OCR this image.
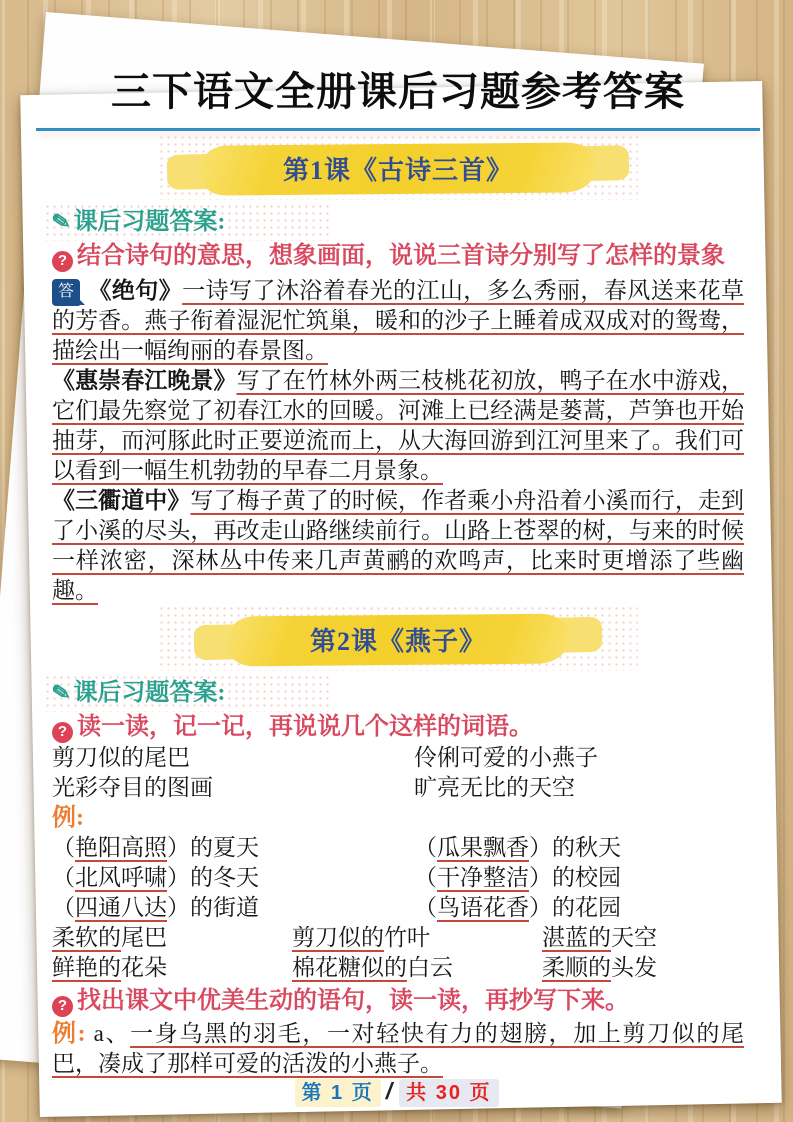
三下语文全册课后习题参考答案
第1课《古诗三首》
✎课后习题答案:
? 结合诗句的意思，想象画面，说说三首诗分别写了怎样的景象

答 《绝句》一诗写了沐浴着春光的江山，多么秀丽，春风送来花草的芳香。燕子衔着湿泥忙筑巢，暖和的沙子上睡着成双成对的鸳鸯，描绘出一幅绚丽的春景图。

《惠崇春江晚景》写了在竹林外两三枝桃花初放，鸭子在水中游戏，它们最先察觉了初春江水的回暖。河滩上已经满是蒌蒿，芦笋也开始抽芽，而河豚此时正要逆流而上，从大海回游到江河里来了。我们可以看到一幅生机勃勃的早春二月景象。

《三衢道中》写了梅子黄了的时候，作者乘小舟沿着小溪而行，走到了小溪的尽头，再改走山路继续前行。山路上苍翠的树，与来的时候一样浓密，深林丛中传来几声黄鹂的欢鸣声，比来时更增添了些幽趣。

第2课《燕子》
✎课后习题答案:
? 读一读，记一记，再说说几个这样的词语。
剪刀似的尾巴	伶俐可爱的小燕子
光彩夺目的图画	旷亮无比的天空
例:
（艳阳高照）的夏天	（瓜果飘香）的秋天
（北风呼啸）的冬天	（干净整洁）的校园
（四通八达）的街道	（鸟语花香）的花园
柔软的尾巴	剪刀似的竹叶	湛蓝的天空
鲜艳的花朵	棉花糖似的白云	柔顺的头发
? 找出课文中优美生动的语句，读一读，再抄写下来。

例: a、一身乌黑的羽毛，一对轻快有力的翅膀，加上剪刀似的尾巴，凑成了那样可爱的活泼的小燕子。

第 1 页 / 共 30 页
